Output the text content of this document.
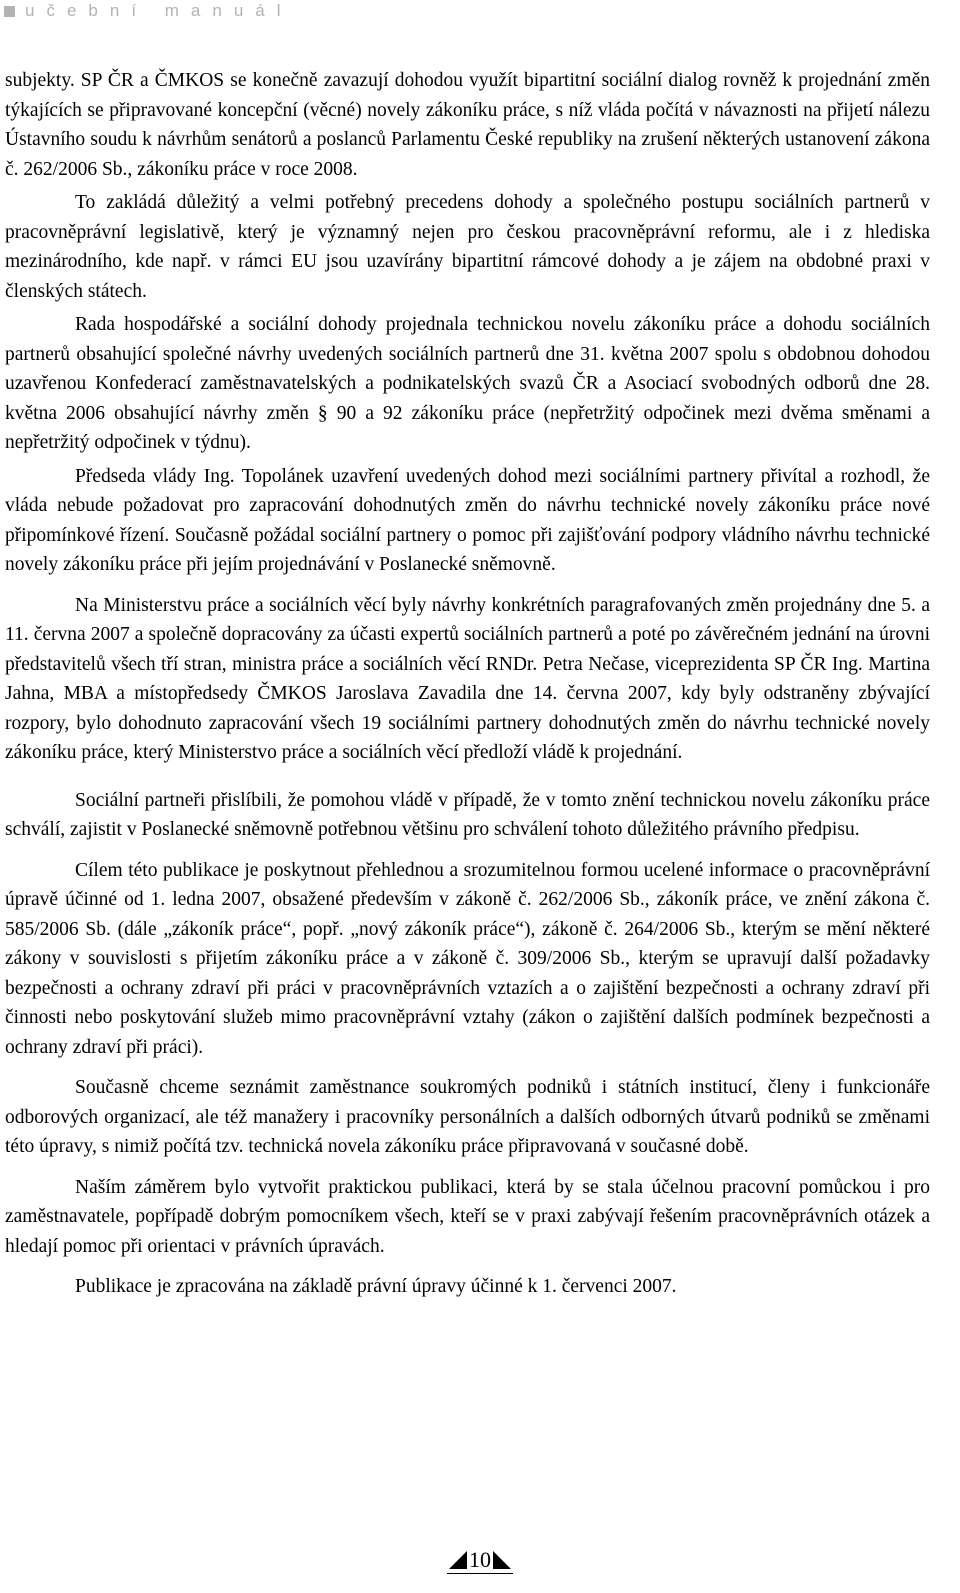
učební manuál

subjekty. SP ČR a ČMKOS se konečně zavazují dohodou využít bipartitní sociální dialog rovněž k projednání změn týkajících se připravované koncepční (věcné) novely zákoníku práce, s níž vláda počítá v návaznosti na přijetí nálezu Ústavního soudu k návrhům senátorů a poslanců Parlamentu České republiky na zrušení některých ustanovení zákona č. 262/2006 Sb., zákoníku práce v roce 2008.

To zakládá důležitý a velmi potřebný precedens dohody a společného postupu sociálních partnerů v pracovněprávní legislativě, který je významný nejen pro českou pracovněprávní reformu, ale i z hlediska mezinárodního, kde např. v rámci EU jsou uzavírány bipartitní rámcové dohody a je zájem na obdobné praxi v členských státech.

Rada hospodářské a sociální dohody projednala technickou novelu zákoníku práce a dohodu sociálních partnerů obsahující společné návrhy uvedených sociálních partnerů dne 31. května 2007 spolu s obdobnou dohodou uzavřenou Konfederací zaměstnavatelských a podnikatelských svazů ČR a Asociací svobodných odborů dne 28. května 2006 obsahující návrhy změn § 90 a 92 zákoníku práce (nepřetržitý odpočinek mezi dvěma směnami a nepřetržitý odpočinek v týdnu).

Předseda vlády Ing. Topolánek uzavření uvedených dohod mezi sociálními partnery přivítal a rozhodl, že vláda nebude požadovat pro zapracování dohodnutých změn do návrhu technické novely zákoníku práce nové připomínkové řízení. Současně požádal sociální partnery o pomoc při zajišťování podpory vládního návrhu technické novely zákoníku práce při jejím projednávání v Poslanecké sněmovně.

Na Ministerstvu práce a sociálních věcí byly návrhy konkrétních paragrafovaných změn projednány dne 5. a 11. června 2007 a společně dopracovány za účasti expertů sociálních partnerů a poté po závěrečném jednání na úrovni představitelů všech tří stran, ministra práce a sociálních věcí RNDr. Petra Nečase, viceprezidenta SP ČR Ing. Martina Jahna, MBA a místopředsedy ČMKOS Jaroslava Zavadila dne 14. června 2007, kdy byly odstraněny zbývající rozpory, bylo dohodnuto zapracování všech 19 sociálními partnery dohodnutých změn do návrhu technické novely zákoníku práce, který Ministerstvo práce a sociálních věcí předloží vládě k projednání.

Sociální partneři přislíbili, že pomohou vládě v případě, že v tomto znění technickou novelu zákoníku práce schválí, zajistit v Poslanecké sněmovně potřebnou většinu pro schválení tohoto důležitého právního předpisu.

Cílem této publikace je poskytnout přehlednou a srozumitelnou formou ucelené informace o pracovněprávní úpravě účinné od 1. ledna 2007, obsažené především v zákoně č. 262/2006 Sb., zákoník práce, ve znění zákona č. 585/2006 Sb. (dále „zákoník práce“, popř. „nový zákoník práce“), zákoně č. 264/2006 Sb., kterým se mění některé zákony v souvislosti s přijetím zákoníku práce a v zákoně č. 309/2006 Sb., kterým se upravují další požadavky bezpečnosti a ochrany zdraví při práci v pracovněprávních vztazích a o zajištění bezpečnosti a ochrany zdraví při činnosti nebo poskytování služeb mimo pracovněprávní vztahy (zákon o zajištění dalších podmínek bezpečnosti a ochrany zdraví při práci).

Současně chceme seznámit zaměstnance soukromých podniků i státních institucí, členy i funkcionáře odborových organizací, ale též manažery i pracovníky personálních a dalších odborných útvarů podniků se změnami této úpravy, s nimiž počítá tzv. technická novela zákoníku práce připravovaná v současné době.

Naším záměrem bylo vytvořit praktickou publikaci, která by se stala účelnou pracovní pomůckou i pro zaměstnavatele, popřípadě dobrým pomocníkem všech, kteří se v praxi zabývají řešením pracovněprávních otázek a hledají pomoc při orientaci v právních úpravách.

Publikace je zpracována na základě právní úpravy účinné k 1. červenci 2007.

10
